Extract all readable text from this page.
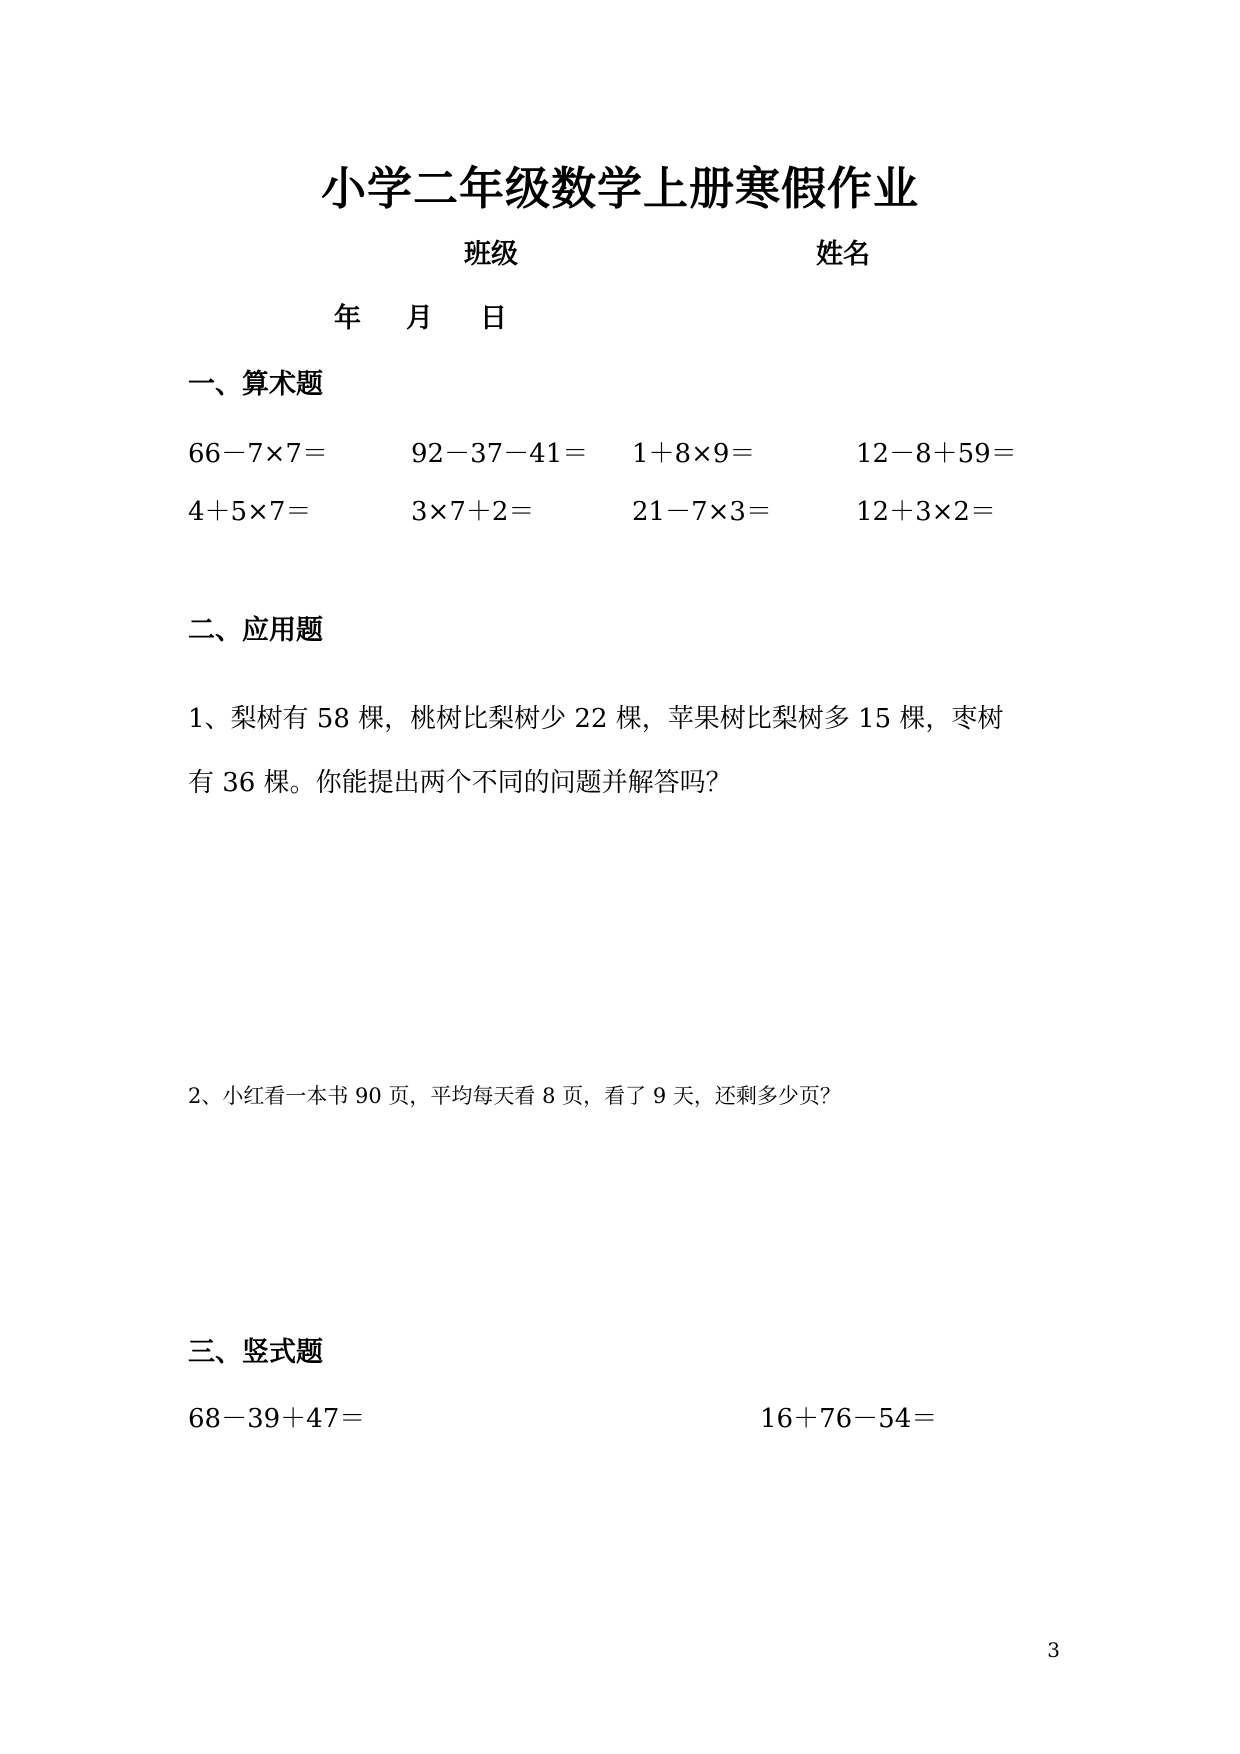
小学二年级数学上册寒假作业
班级	姓名
年 月 日
一、算术题
66－7×7＝	92－37－41＝ 1＋8×9＝	12－8＋59＝
4＋5×7＝	3×7＋2＝	21－7×3＝	12＋3×2＝
二、应用题
1、梨树有 58 棵，桃树比梨树少 22 棵，苹果树比梨树多 15 棵，枣树
有 36 棵。你能提出两个不同的问题并解答吗？
2、小红看一本书 90 页，平均每天看 8 页，看了 9 天，还剩多少页？
三、竖式题
68－39＋47＝	16＋76－54＝
3
